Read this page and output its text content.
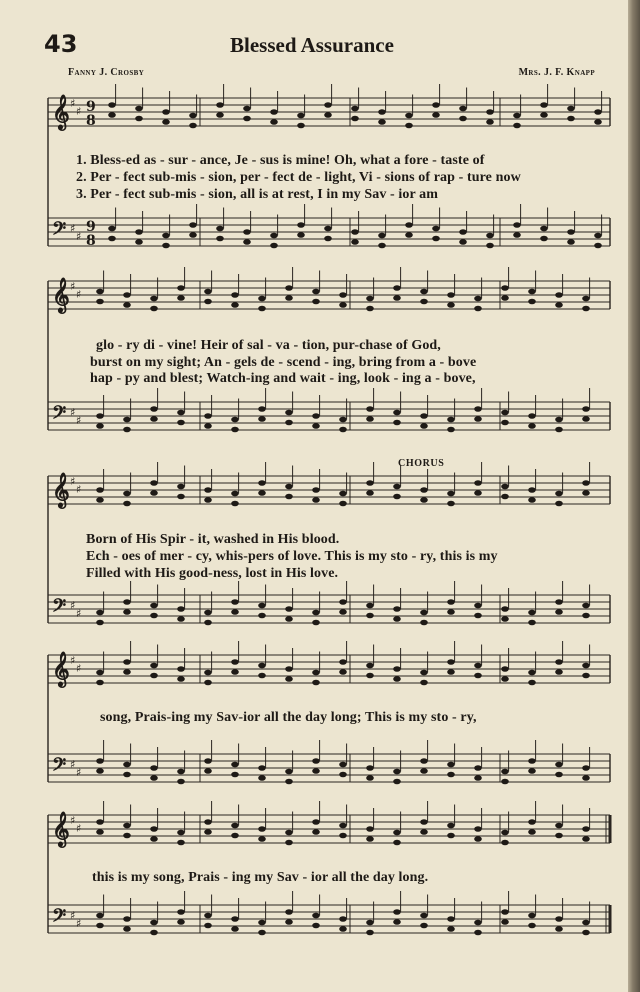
43	Blessed Assurance
Fanny J. Crosby	Mrs. J. F. Knapp
CHORUS
𝄞
𝄢
♯
♯
♯
♯
9
8
9
8
𝄞
𝄢
♯
♯
♯
♯
𝄞
𝄢
♯
♯
♯
♯
𝄞
𝄢
♯
♯
♯
♯
𝄞
𝄢
♯
♯
♯
♯
1. Bless-ed as - sur - ance, Je - sus is mine! Oh, what a fore - taste of
2. Per - fect sub-mis - sion, per - fect de - light, Vi - sions of rap - ture now
3. Per - fect sub-mis - sion, all is at rest, I in my Sav - ior am
glo - ry di - vine! Heir of sal - va - tion, pur-chase of God,
burst on my sight; An - gels de - scend - ing, bring from a - bove
hap - py and blest; Watch-ing and wait - ing, look - ing a - bove,
Born of His Spir - it, washed in His blood.
Ech - oes of mer - cy, whis-pers of love. This is my sto - ry, this is my
Filled with His good-ness, lost in His love.
song, Prais-ing my Sav-ior all the day long; This is my sto - ry,
this is my song, Prais - ing my Sav - ior all the day long.
